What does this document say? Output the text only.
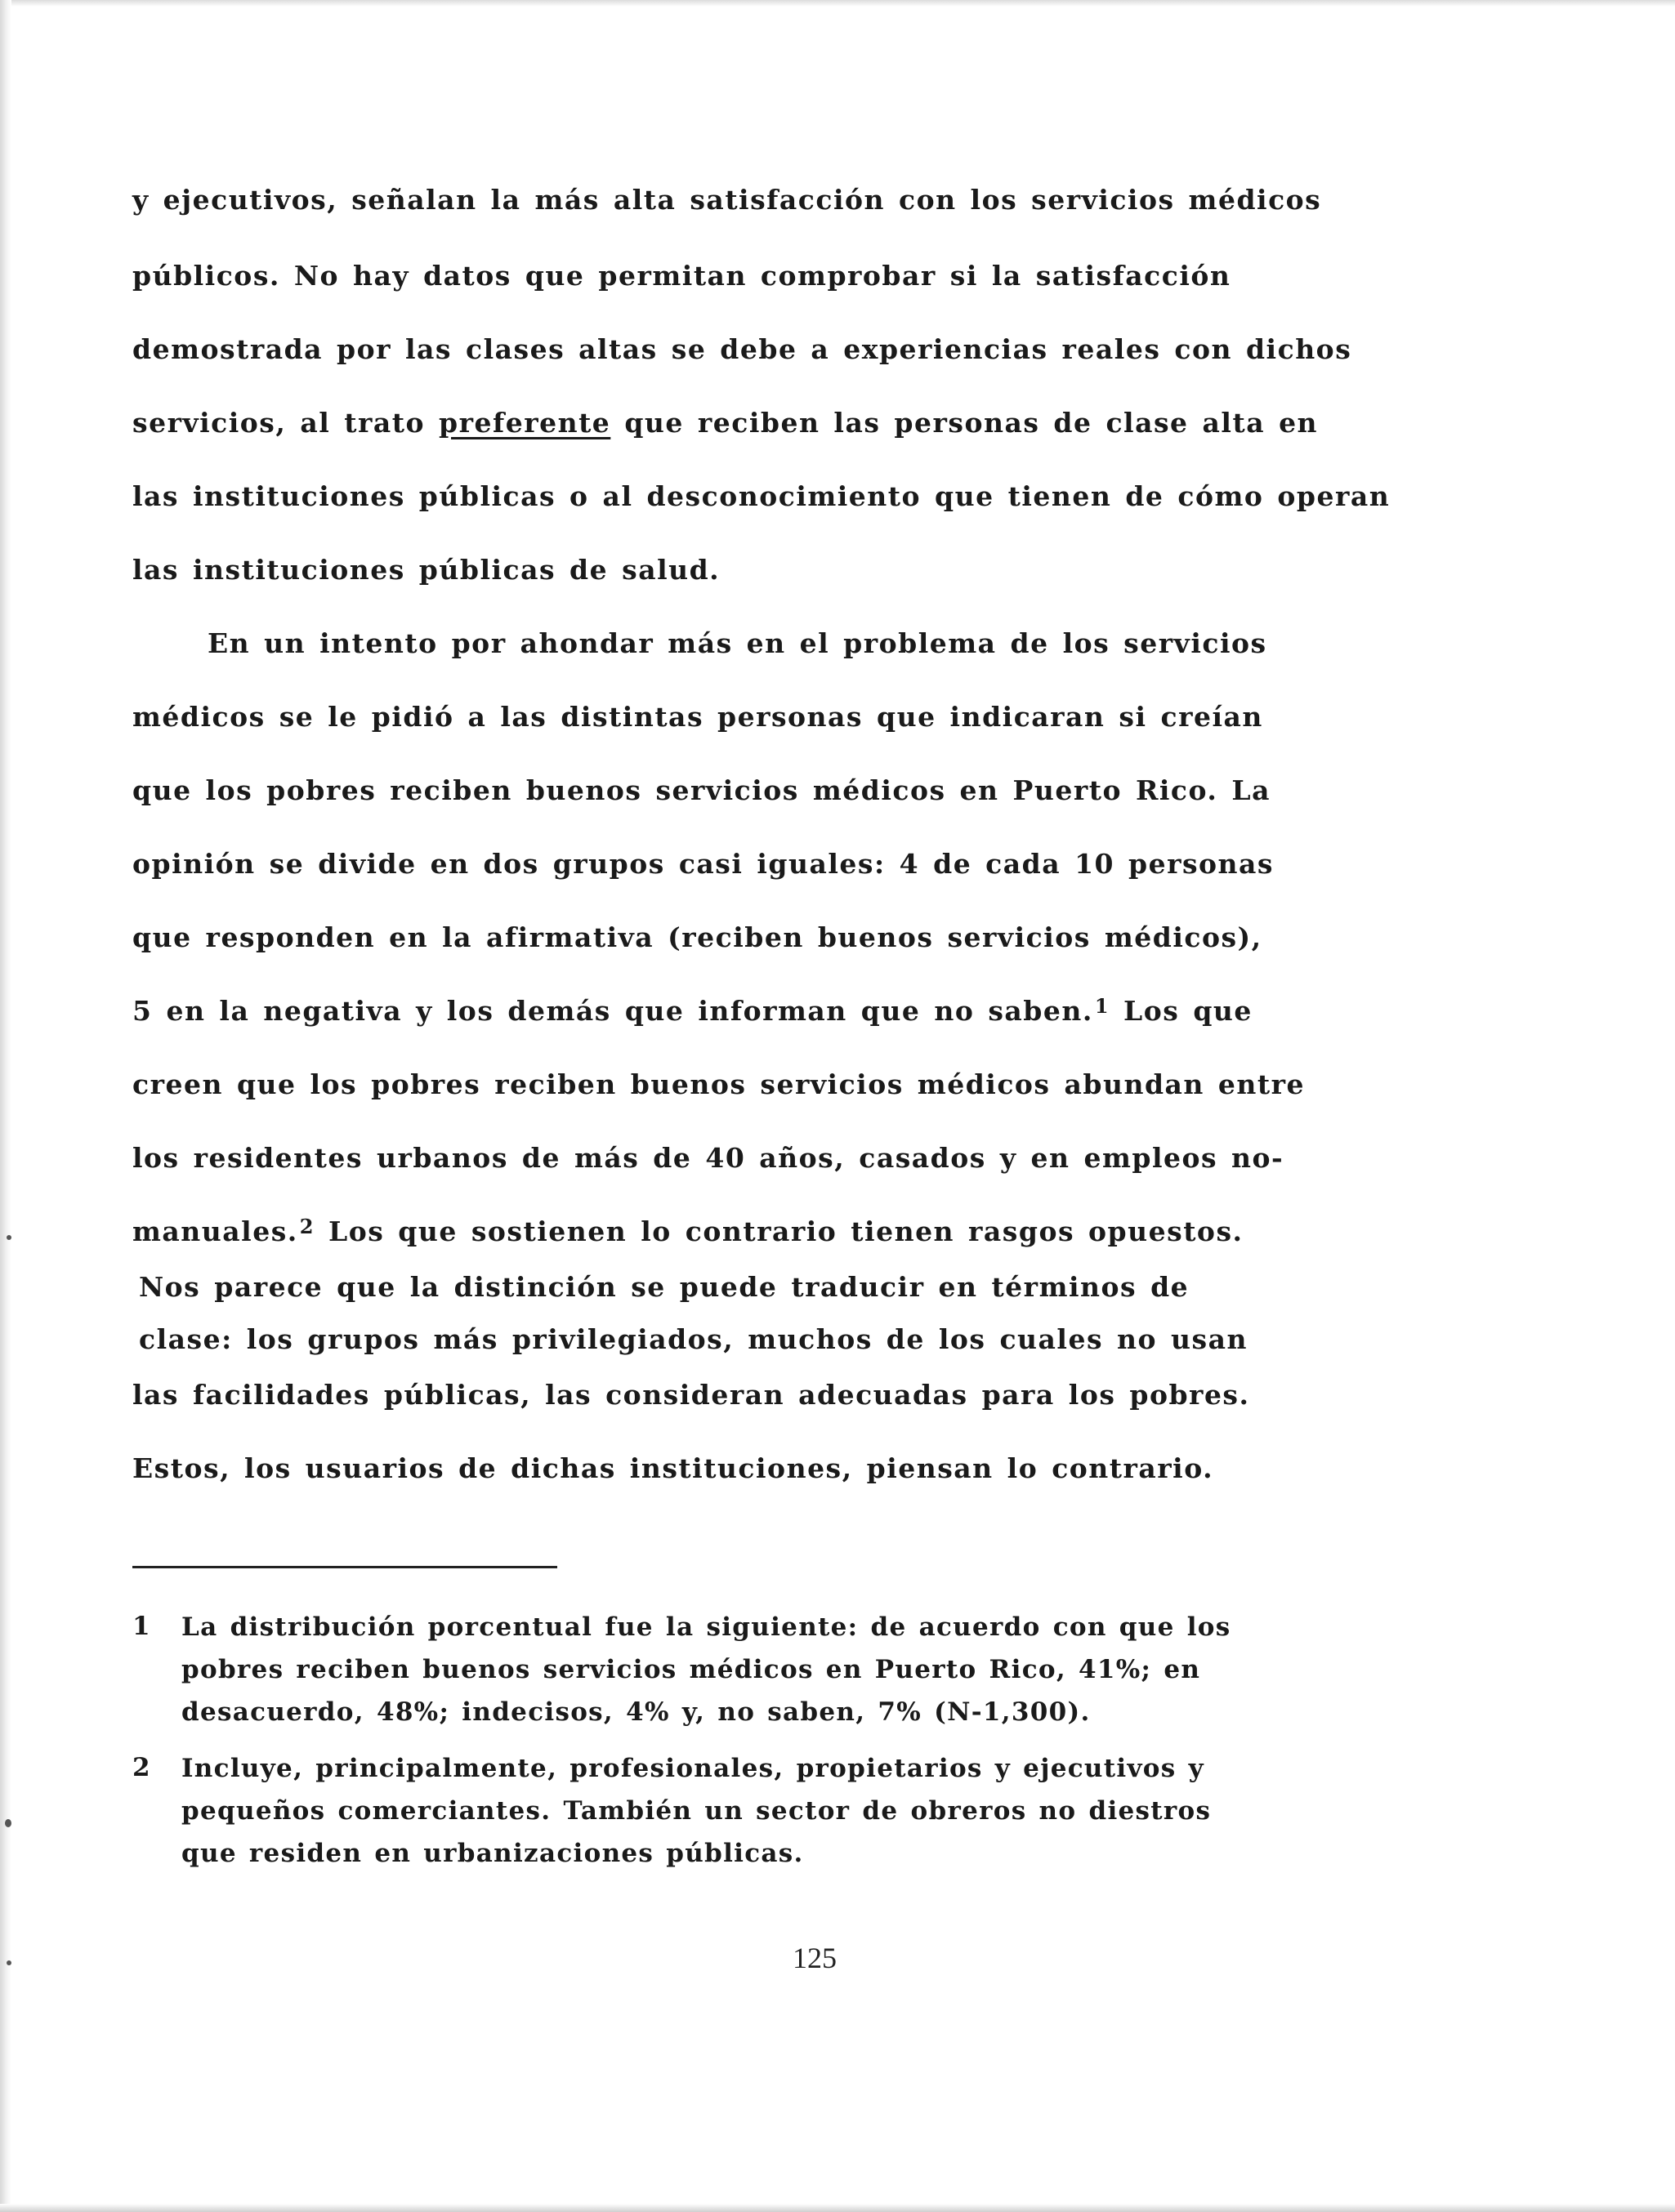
y ejecutivos, señalan la más alta satisfacción con los servicios médicos
públicos. No hay datos que permitan comprobar si la satisfacción
demostrada por las clases altas se debe a experiencias reales con dichos
servicios, al trato preferente que reciben las personas de clase alta en
las instituciones públicas o al desconocimiento que tienen de cómo operan
las instituciones públicas de salud.
En un intento por ahondar más en el problema de los servicios
médicos se le pidió a las distintas personas que indicaran si creían
que los pobres reciben buenos servicios médicos en Puerto Rico. La
opinión se divide en dos grupos casi iguales: 4 de cada 10 personas
que responden en la afirmativa (reciben buenos servicios médicos),
5 en la negativa y los demás que informan que no saben.$^1$ Los que
creen que los pobres reciben buenos servicios médicos abundan entre
los residentes urbanos de más de 40 años, casados y en empleos no-
manuales.$^2$ Los que sostienen lo contrario tienen rasgos opuestos.
Nos parece que la distinción se puede traducir en términos de
clase: los grupos más privilegiados, muchos de los cuales no usan
las facilidades públicas, las consideran adecuadas para los pobres.
Estos, los usuarios de dichas instituciones, piensan lo contrario.
1 La distribución porcentual fue la siguiente: de acuerdo con que los
pobres reciben buenos servicios médicos en Puerto Rico, 41%; en
desacuerdo, 48%; indecisos, 4% y, no saben, 7% (N-1,300).
2 Incluye, principalmente, profesionales, propietarios y ejecutivos y
pequeños comerciantes. También un sector de obreros no diestros
que residen en urbanizaciones públicas.
125
